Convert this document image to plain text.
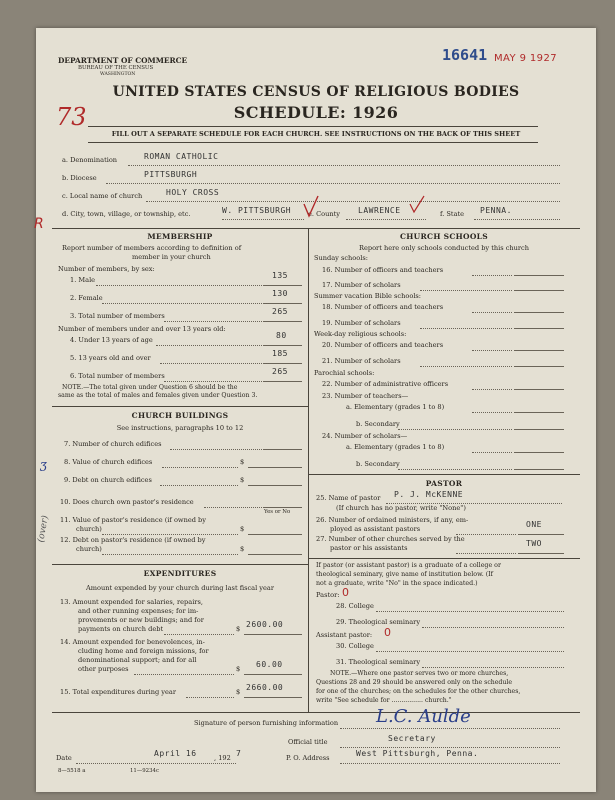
DEPARTMENT OF COMMERCE
BUREAU OF THE CENSUS
WASHINGTON
16641 MAY 9 1927
73
UNITED STATES CENSUS OF RELIGIOUS BODIES
SCHEDULE: 1926
FILL OUT A SEPARATE SCHEDULE FOR EACH CHURCH. SEE INSTRUCTIONS ON THE BACK OF THIS SHEET
a. Denomination	ROMAN CATHOLIC
b. Diocese	PITTSBURGH
c. Local name of church	HOLY CROSS
d. City, town, village, or township, etc.	W. PITTSBURGH	e. County LAWRENCE	f. State PENNA.
R
MEMBERSHIP
Report number of members according to definition of
member in your church
Number of members, by sex:
1. Male	135
2. Female	130
3. Total number of members	265
Number of members under and over 13 years old:
4. Under 13 years of age	80
5. 13 years old and over	185
6. Total number of members	265
NOTE.—The total given under Question 6 should be the
same as the total of males and females given under Question 3.
CHURCH BUILDINGS
See instructions, paragraphs 10 to 12
7. Number of church edifices
8. Value of church edifices	$
9. Debt on church edifices	$
10. Does church own pastor's residence
Yes or No
11. Value of pastor's residence (if owned by
church)	$
12. Debt on pastor's residence (if owned by
church)	$
Ʒ
(over)
EXPENDITURES
Amount expended by your church during last fiscal year
13. Amount expended for salaries, repairs,
and other running expenses; for im-
provements or new buildings; and for
payments on church debt	$ 2600.00
14. Amount expended for benevolences, in-
cluding home and foreign missions, for
denominational support; and for all
other purposes	$ 60.00
15. Total expenditures during year	$ 2660.00
CHURCH SCHOOLS
Report here only schools conducted by this church
Sunday schools:
16. Number of officers and teachers
17. Number of scholars
Summer vacation Bible schools:
18. Number of officers and teachers
19. Number of scholars
Week-day religious schools:
20. Number of officers and teachers
21. Number of scholars
Parochial schools:
22. Number of administrative officers
23. Number of teachers—
a. Elementary (grades 1 to 8)
b. Secondary
24. Number of scholars—
a. Elementary (grades 1 to 8)
b. Secondary
PASTOR
25. Name of pastor P. J. McKENNE
(If church has no pastor, write "None")
26. Number of ordained ministers, if any, em-
ployed as assistant pastors	ONE
27. Number of other churches served by the
pastor or his assistants	TWO
If pastor (or assistant pastor) is a graduate of a college or
theological seminary, give name of institution below. (If
not a graduate, write "No" in the space indicated.)
Pastor: 0
28. College
29. Theological seminary
Assistant pastor: 0
30. College
31. Theological seminary
NOTE.—Where one pastor serves two or more churches,
Questions 28 and 29 should be answered only on the schedule
for one of the churches; on the schedules for the other churches,
write "See schedule for ................ church."
Signature of person furnishing information L.C. Aulde
Official title	Secretary
Date	April 16	, 192 7	P. O. Address	West Pittsburgh, Penna.
8—5518 a	11—9234c
